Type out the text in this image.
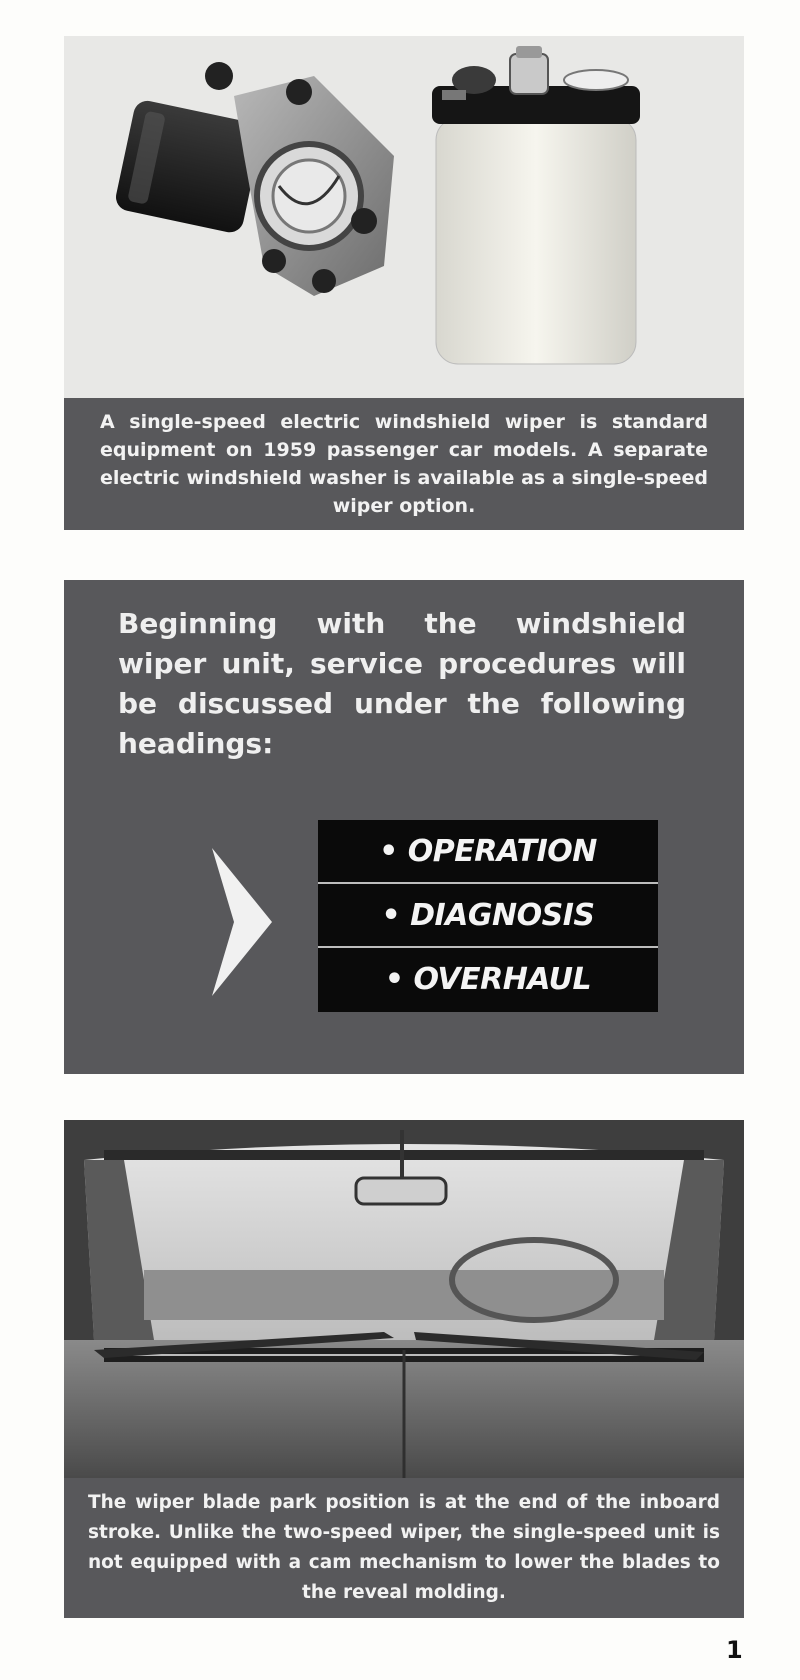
A single-speed electric windshield wiper is standard equipment on 1959 passenger car models. A separate electric windshield washer is available as a single-speed wiper option.
Beginning with the windshield wiper unit, service procedures will be discussed under the following headings:
• OPERATION
• DIAGNOSIS
• OVERHAUL
The wiper blade park position is at the end of the inboard stroke. Unlike the two-speed wiper, the single-speed unit is not equipped with a cam mechanism to lower the blades to the reveal molding.
1
